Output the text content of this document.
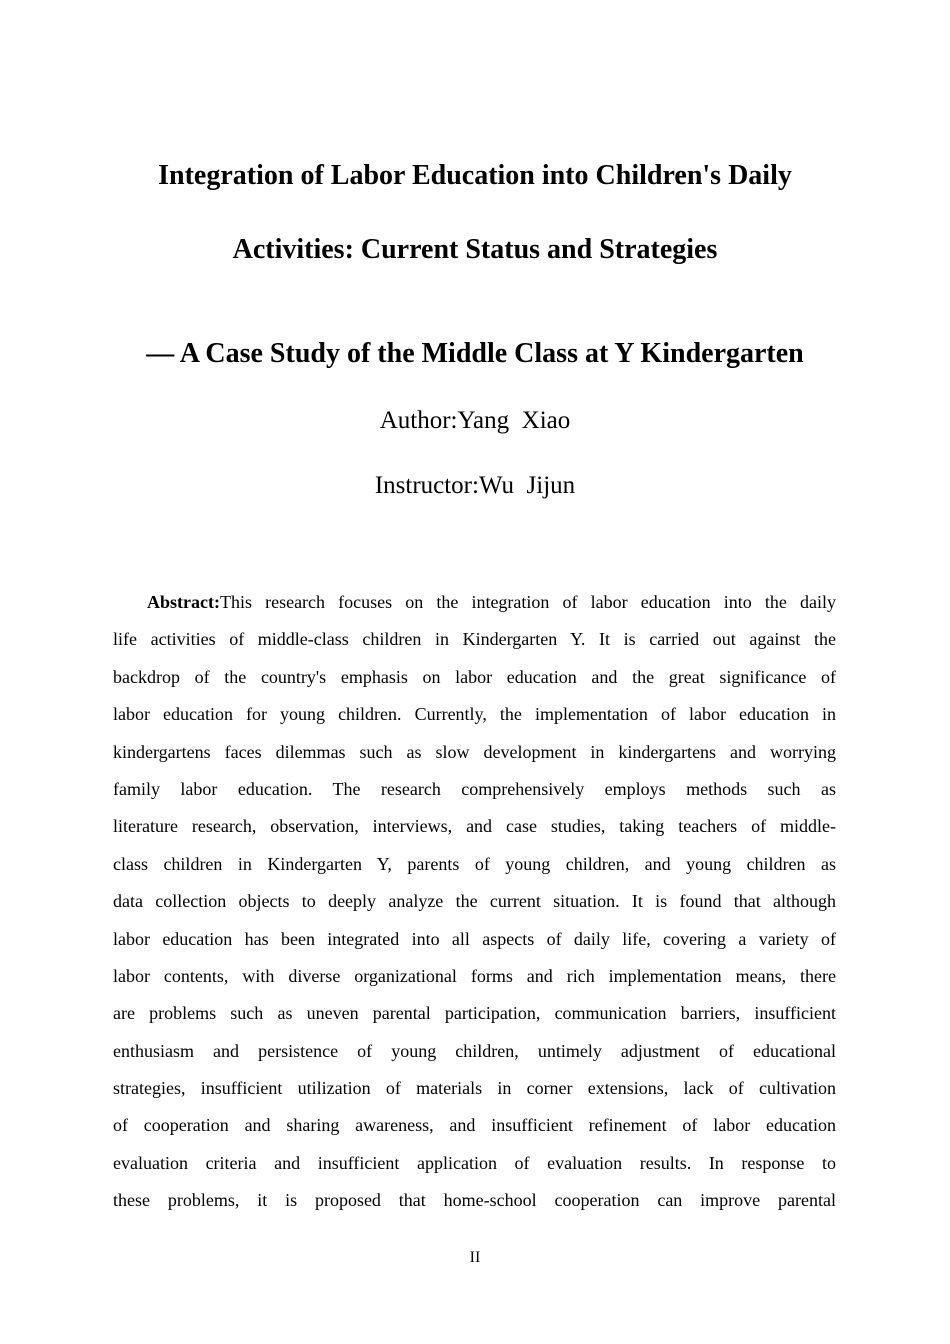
Integration of Labor Education into Children's Daily
Activities: Current Status and Strategies
— A Case Study of the Middle Class at Y Kindergarten
Author:Yang  Xiao
Instructor:Wu  Jijun
Abstract:This research focuses on the integration of labor education into the daily
life activities of middle-class children in Kindergarten Y. It is carried out against the
backdrop of the country's emphasis on labor education and the great significance of
labor education for young children. Currently, the implementation of labor education in
kindergartens faces dilemmas such as slow development in kindergartens and worrying
family labor education. The research comprehensively employs methods such as
literature research, observation, interviews, and case studies, taking teachers of middle-
class children in Kindergarten Y, parents of young children, and young children as
data collection objects to deeply analyze the current situation. It is found that although
labor education has been integrated into all aspects of daily life, covering a variety of
labor contents, with diverse organizational forms and rich implementation means, there
are problems such as uneven parental participation, communication barriers, insufficient
enthusiasm and persistence of young children, untimely adjustment of educational
strategies, insufficient utilization of materials in corner extensions, lack of cultivation
of cooperation and sharing awareness, and insufficient refinement of labor education
evaluation criteria and insufficient application of evaluation results. In response to
these problems, it is proposed that home-school cooperation can improve parental
II
